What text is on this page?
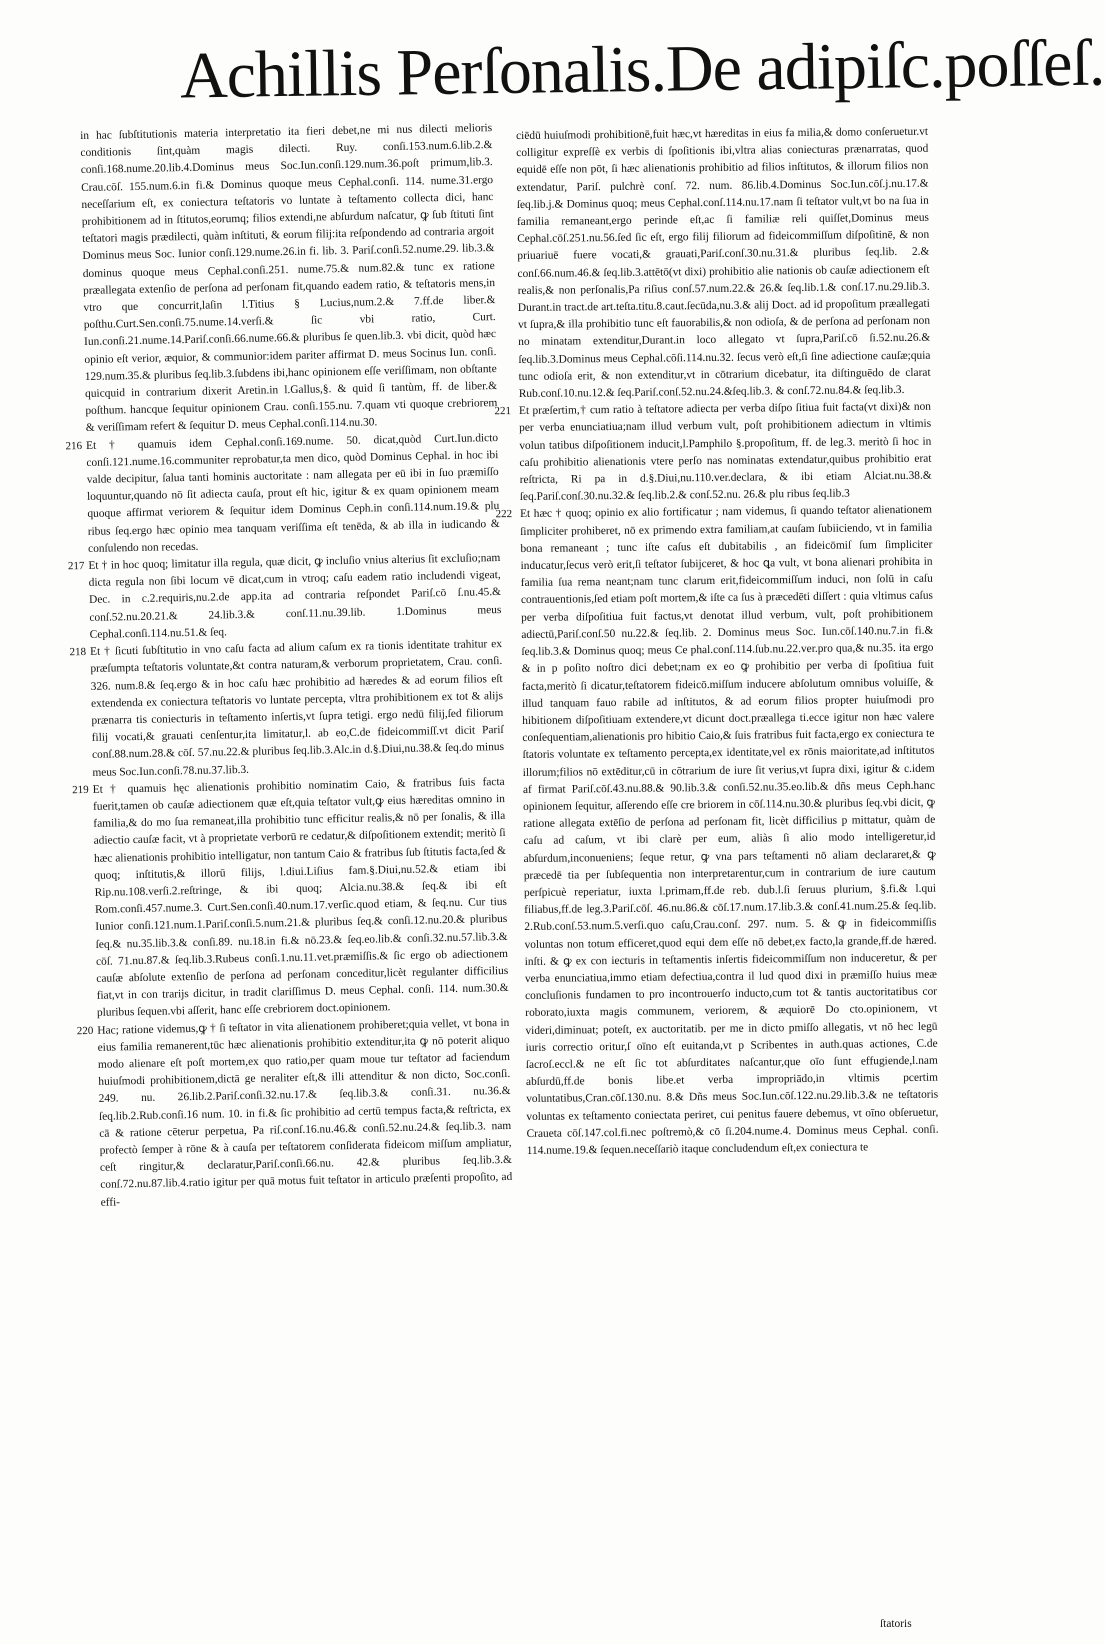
Achillis Perſonalis.De adipiſc.poſſeſ.

in hac ſubſtitutionis materia interpretatio ita fieri debet,ne mi nus dilecti melioris conditionis ſint,quàm magis dilecti. Ruy. conſi.153.num.6.lib.2.& conſi.168.nume.20.lib.4.Dominus meus Soc.Iun.conſi.129.num.36.poſt primum,lib.3. Crau.cōſ. 155.num.6.in fi.& Dominus quoque meus Cephal.conſi. 114. nume.31.ergo neceſſarium eſt, ex coniectura teſtatoris vo luntate à teſtamento collecta dici, hanc prohibitionem ad in ſtitutos,eorumq; filios extendi,ne abſurdum naſcatur, ꝙ ſub ſtituti ſint teſtatori magis prædilecti, quàm inſtituti, & eorum filij:ita reſpondendo ad contraria argoit Dominus meus Soc. Iunior conſi.129.nume.26.in fi. lib. 3. Pariſ.conſi.52.nume.29. lib.3.& dominus quoque meus Cephal.conſi.251. nume.75.& num.82.& tunc ex ratione præallegata extenſio de perſona ad perſonam fit,quando eadem ratio, & teſtatoris mens,in vtro que concurrit,laſin l.Titius § Lucius,num.2.& 7.ff.de liber.& poſthu.Curt.Sen.conſi.75.nume.14.verſi.& ſic vbi ratio, Curt. Iun.conſi.21.nume.14.Pariſ.conſi.66.nume.66.& pluribus ſe quen.lib.3. vbi dicit, quòd hæc opinio eſt verior, æquior, & communior:idem pariter affirmat D. meus Socinus Iun. conſi. 129.num.35.& pluribus ſeq.lib.3.ſubdens ibi,hanc opinionem eſſe veriſſimam, non obſtante quicquid in contrarium dixerit Aretin.in l.Gallus,§. & quid ſi tantùm, ff. de liber.& poſthum. hancque ſequitur opinionem Crau. conſi.155.nu. 7.quam vti quoque crebriorem & veriſſimam refert & ſequitur D. meus Cephal.conſi.114.nu.30.

216 Et † quamuis idem Cephal.conſi.169.nume. 50. dicat,quòd Curt.Iun.dicto conſi.121.nume.16.communiter reprobatur,ta men dico, quòd Dominus Cephal. in hoc ibi valde decipitur, ſalua tanti hominis auctoritate : nam allegata per eū ibi in ſuo præmiſſo loquuntur,quando nō ſit adiecta cauſa, prout eſt hic, igitur & ex quam opinionem meam quoque affirmat veriorem & ſequitur idem Dominus Ceph.in conſi.114.num.19.& plu ribus ſeq.ergo hæc opinio mea tanquam veriſſima eſt tenēda, & ab illa in iudicando & conſulendo non recedas.

217 Et † in hoc quoq; limitatur illa regula, quæ dicit, ꝙ incluſio vnius alterius ſit excluſio;nam dicta regula non ſibi locum vē dicat,cum in vtroq; caſu eadem ratio includendi vigeat, Dec. in c.2.requiris,nu.2.de app.ita ad contraria reſpondet Pariſ.cō ſ.nu.45.& conſ.52.nu.20.21.& 24.lib.3.& conſ.11.nu.39.lib. 1.Dominus meus Cephal.conſi.114.nu.51.& ſeq.

218 Et † ſicuti ſubſtitutio in vno caſu facta ad alium caſum ex ra tionis identitate trahitur ex præſumpta teſtatoris voluntate,&t contra naturam,& verborum proprietatem, Crau. conſi. 326. num.8.& ſeq.ergo & in hoc caſu hæc prohibitio ad hæredes & ad eorum filios eſt extendenda ex coniectura teſtatoris vo luntate percepta, vltra prohibitionem ex tot & alijs prænarra tis coniecturis in teſtamento inſertis,vt ſupra tetigi. ergo nedū filij,ſed filiorum filij vocati,& grauati cenſentur,ita limitatur,l. ab eo,C.de fideicommiſſ.vt dicit Pariſ conſ.88.num.28.& cōſ. 57.nu.22.& pluribus ſeq.lib.3.Alc.in d.§.Diui,nu.38.& ſeq.do minus meus Soc.Iun.conſi.78.nu.37.lib.3.

219 Et † quamuis hęc alienationis prohibitio nominatim Caio, & fratribus ſuis facta fuerit,tamen ob cauſæ adiectionem quæ eſt,quia teſtator vult,ꝙ eius hæreditas omnino in familia,& do mo ſua remaneat,illa prohibitio tunc efficitur realis,& nō per ſonalis, & illa adiectio cauſæ facit, vt à proprietate verborū re cedatur,& diſpoſitionem extendit; meritò ſi hæc alienationis prohibitio intelligatur, non tantum Caio & fratribus ſub ſtitutis facta,ſed & quoq; inſtitutis,& illorū filijs, l.diui.Liſius fam.§.Diui,nu.52.& etiam ibi Rip.nu.108.verſi.2.reſtringe, & ibi quoq; Alcia.nu.38.& ſeq.& ibi eſt Rom.conſi.457.nume.3. Curt.Sen.conſi.40.num.17.verſic.quod etiam, & ſeq.nu. Cur tius Iunior conſi.121.num.1.Pariſ.conſi.5.num.21.& pluribus ſeq.& conſi.12.nu.20.& pluribus ſeq.& nu.35.lib.3.& conſi.89. nu.18.in fi.& nō.23.& ſeq.eo.lib.& conſi.32.nu.57.lib.3.& cōſ. 71.nu.87.& ſeq.lib.3.Rubeus conſi.1.nu.11.vet.præmiſſis.& ſic ergo ob adiectionem cauſæ abſolute extenſio de perſona ad perſonam conceditur,licèt regulanter difficilius fiat,vt in con trarijs dicitur, in tradit clariſſimus D. meus Cephal. conſi. 114. num.30.& pluribus ſequen.vbi aſſerit, hanc eſſe crebriorem doct.opinionem.

220 Hac; ratione videmus,ꝙ † ſi teſtator in vita alienationem prohiberet;quia vellet, vt bona in eius familia remanerent,tūc hæc alienationis prohibitio extenditur,ita ꝙ nō poterit aliquo modo alienare eſt poſt mortem,ex quo ratio,per quam moue tur teſtator ad faciendum huiuſmodi prohibitionem,dictā ge neraliter eſt,& illi attenditur & non dicto, Soc.conſi. 249. nu. 26.lib.2.Pariſ.conſi.32.nu.17.& ſeq.lib.3.& conſi.31. nu.36.& ſeq.lib.2.Rub.conſi.16 num. 10. in fi.& ſic prohibitio ad certū tempus facta,& reſtricta, ex cā & ratione cēterur perpetua, Pa riſ.conſ.16.nu.46.& conſi.52.nu.24.& ſeq.lib.3. nam profectò ſemper à rōne & à cauſa per teſtatorem conſiderata fideicom miſſum ampliatur, ceſt ringitur,& declaratur,Pariſ.conſi.66.nu. 42.& pluribus ſeq.lib.3.& conſ.72.nu.87.lib.4.ratio igitur per quā motus fuit teſtator in articulo præſenti propoſito, ad effi-

ciēdū huiuſmodi prohibitionē,fuit hæc,vt hæreditas in eius fa milia,& domo conſeruetur.vt colligitur expreſſè ex verbis di ſpoſitionis ibi,vltra alias coniecturas prænarratas, quod equidē eſſe non pōt, ſi hæc alienationis prohibitio ad filios inſtitutos, & illorum filios non extendatur, Pariſ. pulchrè conſ. 72. num. 86.lib.4.Dominus Soc.Iun.cōſ.j.nu.17.& ſeq.lib.j.& Dominus quoq; meus Cephal.conſ.114.nu.17.nam ſi teſtator vult,vt bo na ſua in familia remaneant,ergo perinde eſt,ac ſi familiæ reli quiſſet,Dominus meus Cephal.cōſ.251.nu.56.ſed ſic eſt, ergo filij filiorum ad fideicommiſſum diſpoſitinē, & non priuariuē fuere vocati,& grauati,Pariſ.conſ.30.nu.31.& pluribus ſeq.lib. 2.& conſ.66.num.46.& ſeq.lib.3.attētō(vt dixi) prohibitio alie nationis ob cauſæ adiectionem eſt realis,& non perſonalis,Pa riſius conſ.57.num.22.& 26.& ſeq.lib.1.& conſ.17.nu.29.lib.3. Durant.in tract.de art.teſta.titu.8.caut.ſecūda,nu.3.& alij Doct. ad id propoſitum præallegati vt ſupra,& illa prohibitio tunc eſt fauorabilis,& non odioſa, & de perſona ad perſonam non no minatam extenditur,Durant.in loco allegato vt ſupra,Pariſ.cō ſi.52.nu.26.& ſeq.lib.3.Dominus meus Cephal.cōſi.114.nu.32. ſecus verò eſt,ſi ſine adiectione cauſæ;quia tunc odioſa erit, & non extenditur,vt in cōtrarium dicebatur, ita diſtinguēdo de clarat Rub.conſ.10.nu.12.& ſeq.Pariſ.conſ.52.nu.24.&ſeq.lib.3. & conſ.72.nu.84.& ſeq.lib.3.

221 Et præſertim,† cum ratio à teſtatore adiecta per verba diſpo ſitiua fuit facta(vt dixi)& non per verba enunciatiua;nam illud verbum vult, poſt prohibitionem adiectum in vltimis volun tatibus diſpoſitionem inducit,l.Pamphilo §.propoſitum, ff. de leg.3. meritò ſi hoc in caſu prohibitio alienationis vtere perſo nas nominatas extendatur,quibus prohibitio erat reſtricta, Ri pa in d.§.Diui,nu.110.ver.declara, & ibi etiam Alciat.nu.38.& ſeq.Pariſ.conſ.30.nu.32.& ſeq.lib.2.& conſ.52.nu. 26.& plu ribus ſeq.lib.3

222 Et hæc † quoq; opinio ex alio fortificatur ; nam videmus, ſi quando teſtator alienationem ſimpliciter prohiberet, nō ex primendo extra familiam,at cauſam ſubiiciendo, vt in familia bona remaneant ; tunc iſte caſus eſt dubitabilis , an fideicōmiſ ſum ſimpliciter inducatur,ſecus verò erit,ſi teſtator ſubijceret, & hoc ꝗa vult, vt bona alienari prohibita in familia ſua rema neant;nam tunc clarum erit,fideicommiſſum induci, non ſolū in caſu contrauentionis,ſed etiam poſt mortem,& iſte ca ſus à præcedēti diſſert : quia vltimus caſus per verba diſpoſitiua fuit factus,vt denotat illud verbum, vult, poſt prohibitionem adiectū,Pariſ.conſ.50 nu.22.& ſeq.lib. 2. Dominus meus Soc. Iun.cōſ.140.nu.7.in fi.& ſeq.lib.3.& Dominus quoq; meus Ce phal.conſ.114.ſub.nu.22.ver.pro qua,& nu.35. ita ergo & in p poſito noſtro dici debet;nam ex eo ꝙ prohibitio per verba di ſpoſitiua fuit facta,meritò ſi dicatur,teſtatorem fideicō.miſſum inducere abſolutum omnibus voluiſſe, & illud tanquam fauo rabile ad inſtitutos, & ad eorum filios propter huiuſmodi pro hibitionem diſpoſitiuam extendere,vt dicunt doct.præallega ti.ecce igitur non hæc valere conſequentiam,alienationis pro hibitio Caio,& ſuis fratribus fuit facta,ergo ex coniectura te ſtatoris voluntate ex teſtamento percepta,ex identitate,vel ex rōnis maioritate,ad inſtitutos illorum;filios nō extēditur,cū in cōtrarium de iure ſit verius,vt ſupra dixi, igitur & c.idem af firmat Pariſ.cōſ.43.nu.88.& 90.lib.3.& conſi.52.nu.35.eo.lib.& dñs meus Ceph.hanc opinionem ſequitur, aſſerendo eſſe cre briorem in cōſ.114.nu.30.& pluribus ſeq.vbi dicit, ꝙ ratione allegata extēſio de perſona ad perſonam fit, licèt difficilius p mittatur, quàm de caſu ad caſum, vt ibi clarè per eum, aliàs ſi alio modo intelligeretur,id abſurdum,inconueniens; ſeque retur, ꝙ vna pars teſtamenti nō aliam declararet,& ꝙ præcedē tia per ſubſequentia non interpretarentur,cum in contrarium de iure cautum perſpicuè reperiatur, iuxta l.primam,ff.de reb. dub.l.ſi ſeruus plurium, §.fi.& l.qui filiabus,ff.de leg.3.Pariſ.cōſ. 46.nu.86.& cōſ.17.num.17.lib.3.& conſ.41.num.25.& ſeq.lib. 2.Rub.conſ.53.num.5.verſi.quo caſu,Crau.conſ. 297. num. 5. & ꝙ in fideicommiſſis voluntas non totum efficeret,quod equi dem eſſe nō debet,ex facto,la grande,ff.de hæred. inſti. & ꝙ ex con iecturis in teſtamentis inſertis fideicommiſſum non induceretur, & per verba enunciatiua,immo etiam defectiua,contra il lud quod dixi in præmiſſo huius meæ concluſionis fundamen to pro incontrouerſo inducto,cum tot & tantis auctoritatibus cor roborato,iuxta magis communem, veriorem, & æquiorē Do cto.opinionem, vt videri,diminuat; poteſt, ex auctoritatib. per me in dicto pmiſſo allegatis, vt nō hec legū iuris correctio oritur,ſ oīno eſt euitanda,vt p Scribentes in auth.quas actiones, C.de ſacroſ.eccl.& ne eſt ſic tot abſurditates naſcantur,que oīo ſunt effugiende,l.nam abſurdū,ff.de bonis libe.et verba impropriādo,in vltimis pcertim voluntatibus,Cran.cōſ.130.nu. 8.& Dñs meus Soc.Iun.cōſ.122.nu.29.lib.3.& ne teſtatoris voluntas ex teſtamento coniectata periret, cui penitus fauere debemus, vt oīno obſeruetur, Craueta cōſ.147.col.fi.nec poſtremò,& cō ſi.204.nume.4. Dominus meus Cephal. conſi. 114.nume.19.& ſequen.neceſſariò itaque concludendum eſt,ex coniectura te

ſtatoris
